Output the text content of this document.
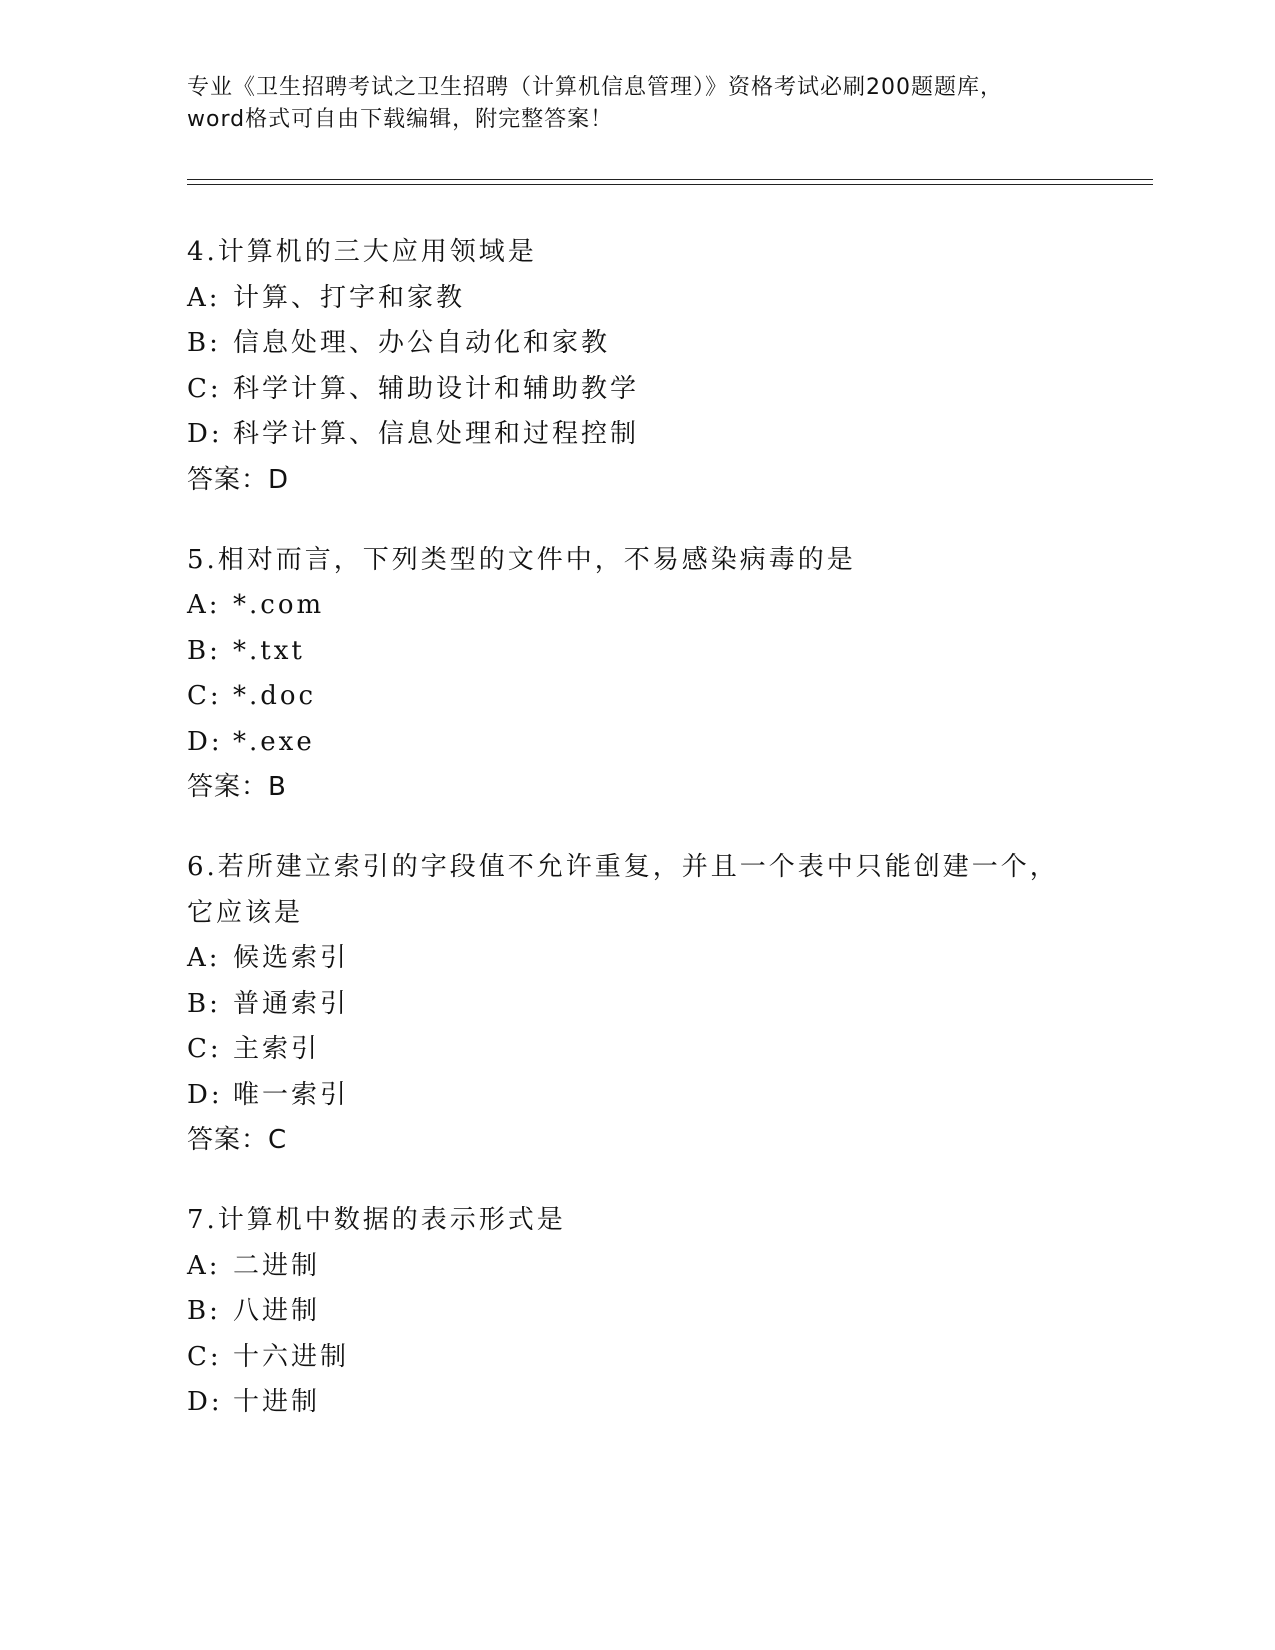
专业《卫生招聘考试之卫生招聘（计算机信息管理）》资格考试必刷200题题库，
word格式可自由下载编辑，附完整答案！
4.计算机的三大应用领域是
A: 计算、打字和家教
B: 信息处理、办公自动化和家教
C: 科学计算、辅助设计和辅助教学
D: 科学计算、信息处理和过程控制
答案：D
5.相对而言，下列类型的文件中，不易感染病毒的是
A: *.com
B: *.txt
C: *.doc
D: *.exe
答案：B
6.若所建立索引的字段值不允许重复，并且一个表中只能创建一个，
它应该是
A: 候选索引
B: 普通索引
C: 主索引
D: 唯一索引
答案：C
7.计算机中数据的表示形式是
A: 二进制
B: 八进制
C: 十六进制
D: 十进制
